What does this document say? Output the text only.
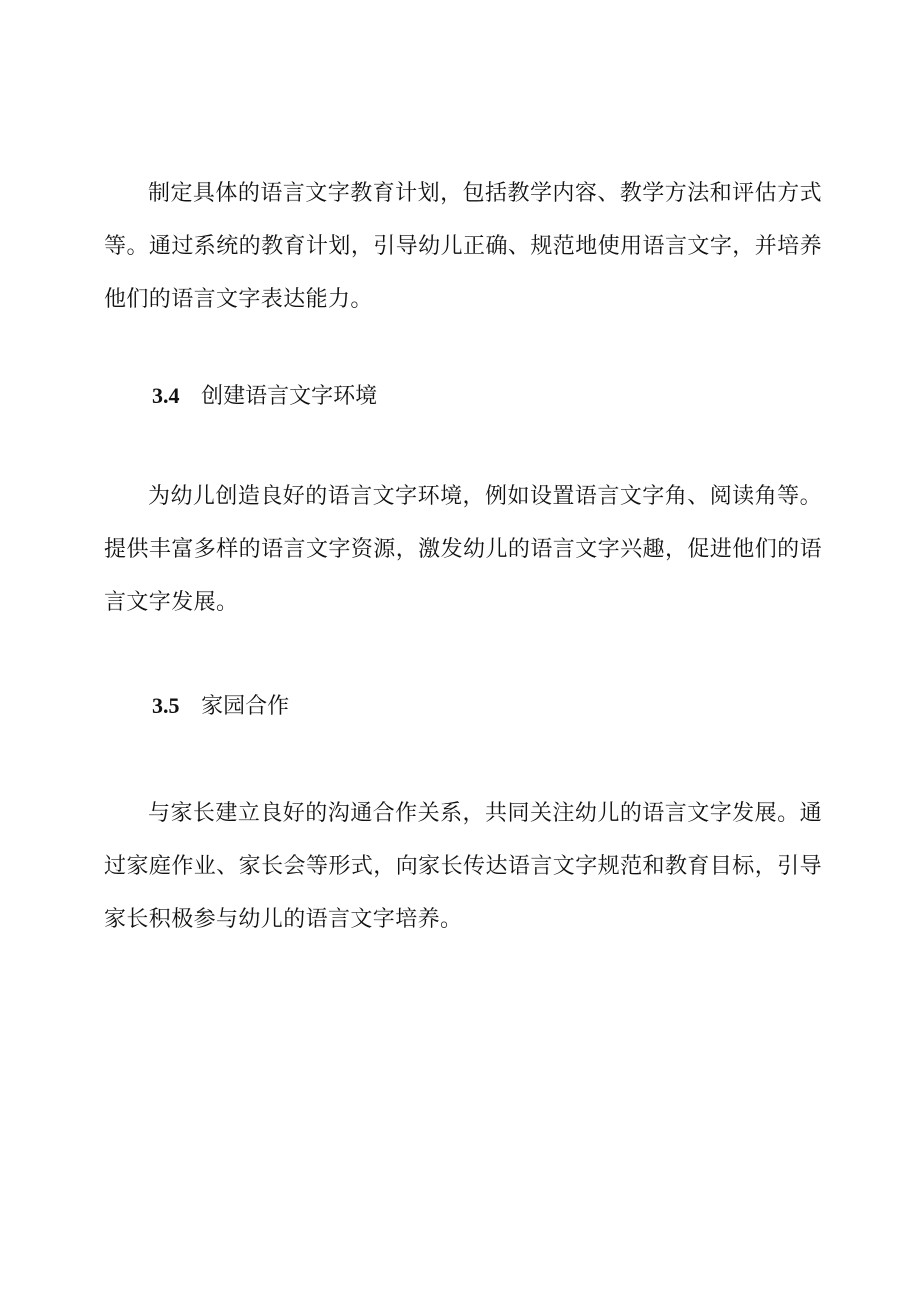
制定具体的语言文字教育计划，包括教学内容、教学方法和评估方式等。通过系统的教育计划，引导幼儿正确、规范地使用语言文字，并培养他们的语言文字表达能力。

3.4 创建语言文字环境

为幼儿创造良好的语言文字环境，例如设置语言文字角、阅读角等。提供丰富多样的语言文字资源，激发幼儿的语言文字兴趣，促进他们的语言文字发展。

3.5 家园合作

与家长建立良好的沟通合作关系，共同关注幼儿的语言文字发展。通过家庭作业、家长会等形式，向家长传达语言文字规范和教育目标，引导家长积极参与幼儿的语言文字培养。
